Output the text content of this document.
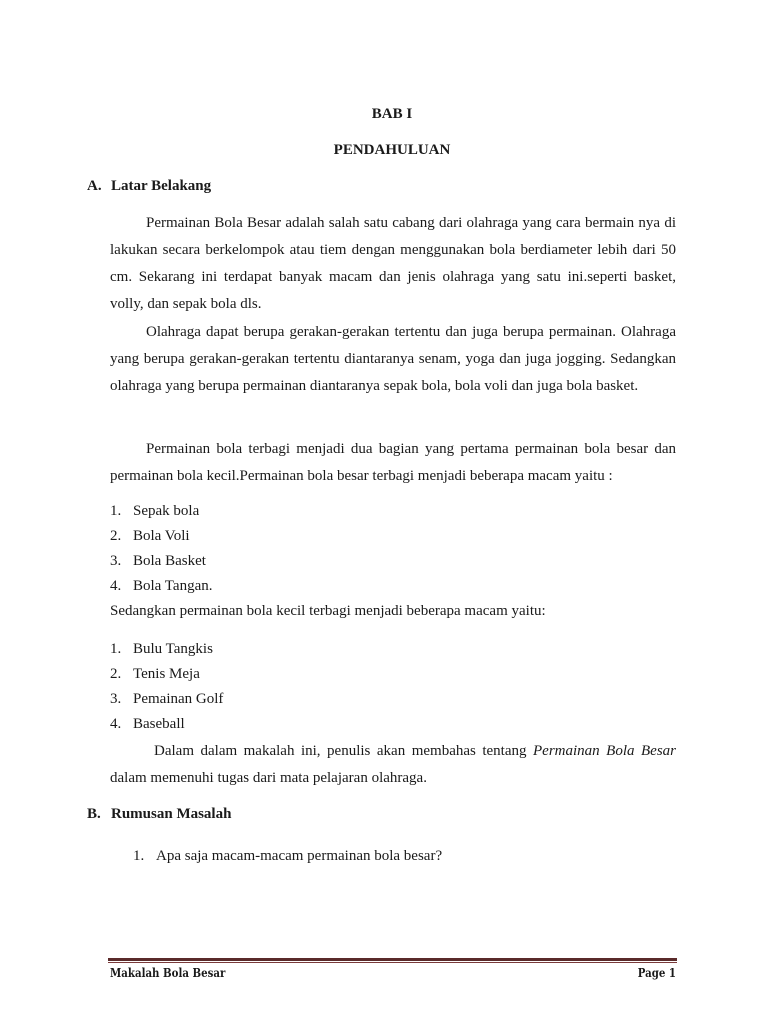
BAB I
PENDAHULUAN
A. Latar Belakang
Permainan Bola Besar adalah salah satu cabang dari olahraga yang cara bermain nya di lakukan secara berkelompok atau tiem dengan menggunakan bola berdiameter lebih dari 50 cm. Sekarang ini terdapat banyak macam dan jenis olahraga yang satu ini.seperti basket, volly, dan sepak bola dls.
Olahraga dapat berupa gerakan-gerakan tertentu dan juga berupa permainan. Olahraga yang berupa gerakan-gerakan tertentu diantaranya senam, yoga dan juga jogging. Sedangkan olahraga yang berupa permainan diantaranya sepak bola, bola voli dan juga bola basket.
Permainan bola terbagi menjadi dua bagian yang pertama permainan bola besar dan permainan bola kecil.Permainan bola besar terbagi menjadi beberapa macam yaitu :
1. Sepak bola
2. Bola Voli
3. Bola Basket
4. Bola Tangan.
Sedangkan permainan bola kecil terbagi menjadi beberapa macam yaitu:
1. Bulu Tangkis
2. Tenis Meja
3. Pemainan Golf
4. Baseball
Dalam dalam makalah ini, penulis akan membahas tentang Permainan Bola Besar dalam memenuhi tugas dari mata pelajaran olahraga.
B. Rumusan Masalah
1. Apa saja macam-macam permainan bola besar?
Makalah Bola Besar	Page 1
